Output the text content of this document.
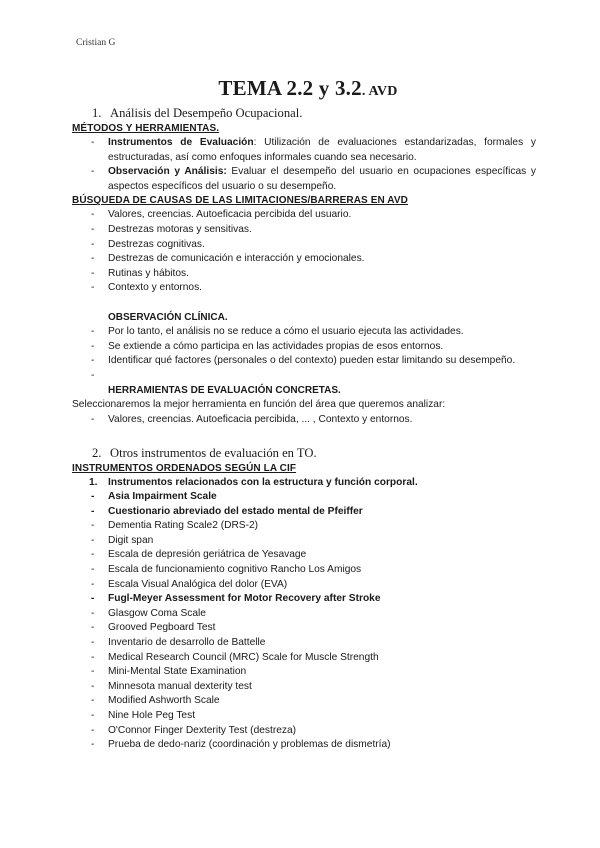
Cristian G
TEMA 2.2 y 3.2. AVD
1. Análisis del Desempeño Ocupacional.
MÉTODOS Y HERRAMIENTAS.
- Instrumentos de Evaluación: Utilización de evaluaciones estandarizadas, formales y estructuradas, así como enfoques informales cuando sea necesario.
- Observación y Análisis: Evaluar el desempeño del usuario en ocupaciones específicas y aspectos específicos del usuario o su desempeño.
BÚSQUEDA DE CAUSAS DE LAS LIMITACIONES/BARRERAS EN AVD
- Valores, creencias. Autoeficacia percibida del usuario.
- Destrezas motoras y sensitivas.
- Destrezas cognitivas.
- Destrezas de comunicación e interacción y emocionales.
- Rutinas y hábitos.
- Contexto y entornos.
OBSERVACIÓN CLÍNICA.
- Por lo tanto, el análisis no se reduce a cómo el usuario ejecuta las actividades.
- Se extiende a cómo participa en las actividades propias de esos entornos.
- Identificar qué factores (personales o del contexto) pueden estar limitando su desempeño.
-

HERRAMIENTAS DE EVALUACIÓN CONCRETAS.
Seleccionaremos la mejor herramienta en función del área que queremos analizar:
- Valores, creencias. Autoeficacia percibida, ... , Contexto y entornos.
2. Otros instrumentos de evaluación en TO.
INSTRUMENTOS ORDENADOS SEGÚN LA CIF
1. Instrumentos relacionados con la estructura y función corporal.
- Asia Impairment Scale
- Cuestionario abreviado del estado mental de Pfeiffer
- Dementia Rating Scale2 (DRS-2)
- Digit span
- Escala de depresión geriátrica de Yesavage
- Escala de funcionamiento cognitivo Rancho Los Amigos
- Escala Visual Analógica del dolor (EVA)
- Fugl-Meyer Assessment for Motor Recovery after Stroke
- Glasgow Coma Scale
- Grooved Pegboard Test
- Inventario de desarrollo de Battelle
- Medical Research Council (MRC) Scale for Muscle Strength
- Mini-Mental State Examination
- Minnesota manual dexterity test
- Modified Ashworth Scale
- Nine Hole Peg Test
- O'Connor Finger Dexterity Test (destreza)
- Prueba de dedo-nariz (coordinación y problemas de dismetría)
